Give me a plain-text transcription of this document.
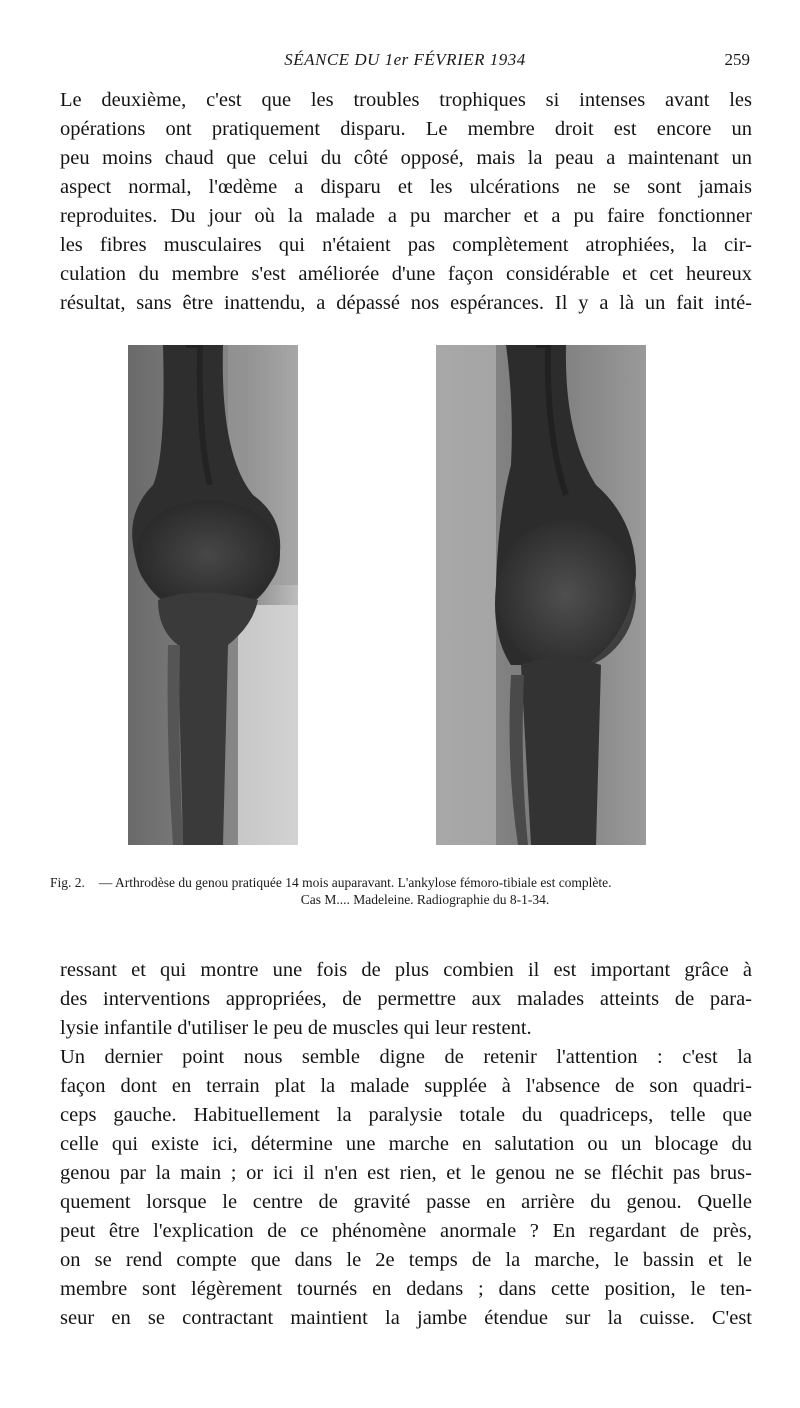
SÉANCE DU 1er FÉVRIER 1934	259

Le deuxième, c'est que les troubles trophiques si intenses avant les

opérations ont pratiquement disparu. Le membre droit est encore un

peu moins chaud que celui du côté opposé, mais la peau a maintenant un

aspect normal, l'œdème a disparu et les ulcérations ne se sont jamais

reproduites. Du jour où la malade a pu marcher et a pu faire fonctionner

les fibres musculaires qui n'étaient pas complètement atrophiées, la cir-

culation du membre s'est améliorée d'une façon considérable et cet heureux

résultat, sans être inattendu, a dépassé nos espérances. Il y a là un fait inté-

Fig. 2. — Arthrodèse du genou pratiquée 14 mois auparavant. L'ankylose fémoro-tibiale est complète.
Cas M.... Madeleine. Radiographie du 8-1-34.

ressant et qui montre une fois de plus combien il est important grâce à

des interventions appropriées, de permettre aux malades atteints de para-

lysie infantile d'utiliser le peu de muscles qui leur restent.

Un dernier point nous semble digne de retenir l'attention : c'est la

façon dont en terrain plat la malade supplée à l'absence de son quadri-

ceps gauche. Habituellement la paralysie totale du quadriceps, telle que

celle qui existe ici, détermine une marche en salutation ou un blocage du

genou par la main ; or ici il n'en est rien, et le genou ne se fléchit pas brus-

quement lorsque le centre de gravité passe en arrière du genou. Quelle

peut être l'explication de ce phénomène anormale ? En regardant de près,

on se rend compte que dans le 2e temps de la marche, le bassin et le

membre sont légèrement tournés en dedans ; dans cette position, le ten-

seur en se contractant maintient la jambe étendue sur la cuisse. C'est
